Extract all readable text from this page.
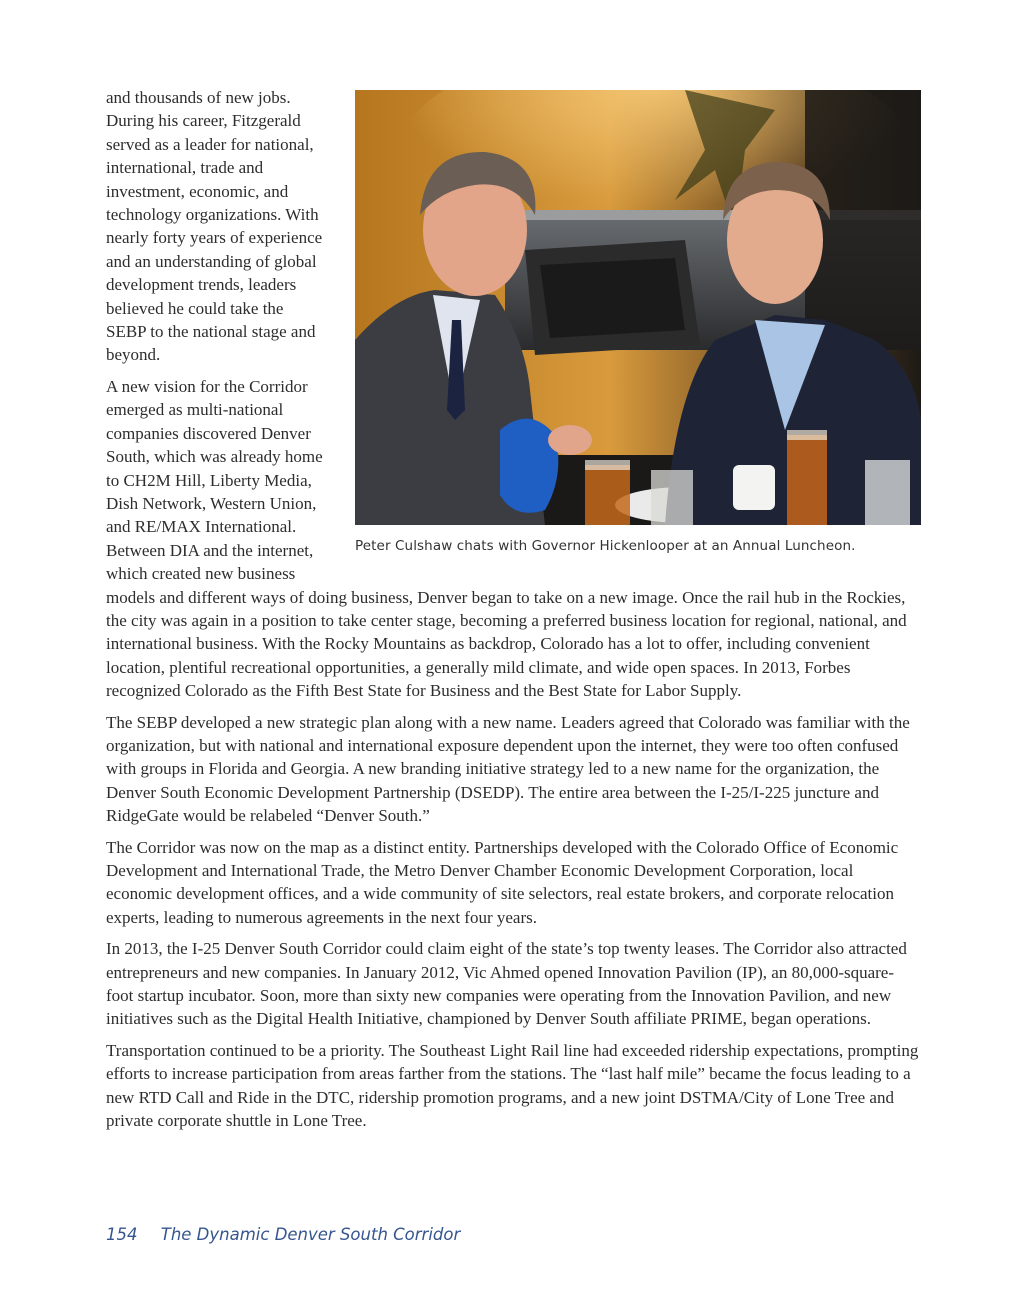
Peter Culshaw chats with Governor Hickenlooper at an Annual Luncheon.

and thousands of new jobs. During his career, Fitzgerald served as a leader for national, international, trade and investment, economic, and technology organizations. With nearly forty years of experience and an understanding of global development trends, leaders believed he could take the SEBP to the national stage and beyond.

A new vision for the Corridor emerged as multi-national companies discovered Denver South, which was already home to CH2M Hill, Liberty Media, Dish Network, Western Union, and RE/MAX International. Between DIA and the internet, which created new business models and different ways of doing business, Denver began to take on a new image. Once the rail hub in the Rockies, the city was again in a position to take center stage, becoming a preferred business location for regional, national, and international business. With the Rocky Mountains as backdrop, Colorado has a lot to offer, including convenient location, plentiful recreational opportunities, a generally mild climate, and wide open spaces. In 2013, Forbes recognized Colorado as the Fifth Best State for Business and the Best State for Labor Supply.

The SEBP developed a new strategic plan along with a new name. Leaders agreed that Colorado was familiar with the organization, but with national and international exposure dependent upon the internet, they were too often confused with groups in Florida and Georgia. A new branding initiative strategy led to a new name for the organization, the Denver South Economic Development Partnership (DSEDP). The entire area between the I-25/I-225 juncture and RidgeGate would be relabeled “Denver South.”

The Corridor was now on the map as a distinct entity. Partnerships developed with the Colorado Office of Economic Development and International Trade, the Metro Denver Chamber Economic Development Corporation, local economic development offices, and a wide community of site selectors, real estate brokers, and corporate relocation experts, leading to numerous agreements in the next four years.

In 2013, the I-25 Denver South Corridor could claim eight of the state’s top twenty leases. The Corridor also attracted entrepreneurs and new companies. In January 2012, Vic Ahmed opened Innovation Pavilion (IP), an 80,000-square-foot startup incubator. Soon, more than sixty new companies were operating from the Innovation Pavilion, and new initiatives such as the Digital Health Initiative, championed by Denver South affiliate PRIME, began operations.

Transportation continued to be a priority. The Southeast Light Rail line had exceeded ridership expectations, prompting efforts to increase participation from areas farther from the stations. The “last half mile” became the focus leading to a new RTD Call and Ride in the DTC, ridership promotion programs, and a new joint DSTMA/City of Lone Tree and private corporate shuttle in Lone Tree.

154 The Dynamic Denver South Corridor
